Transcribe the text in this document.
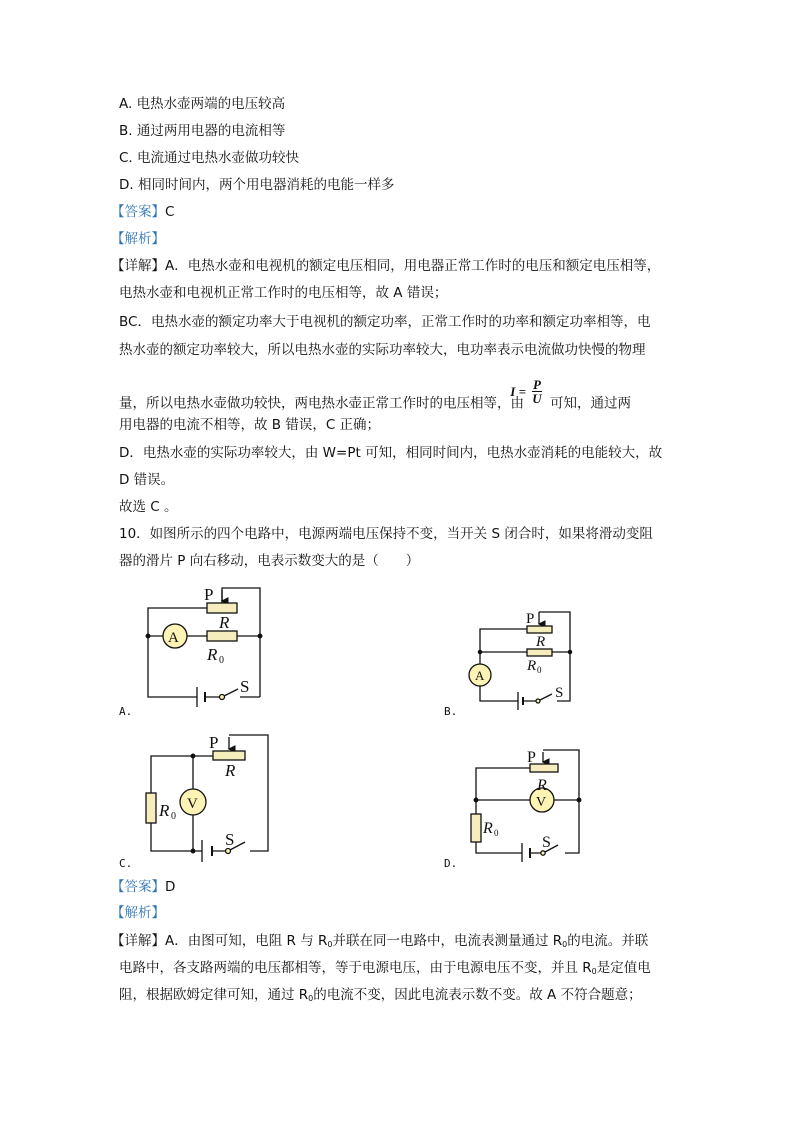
A. 电热水壶两端的电压较高
B. 通过两用电器的电流相等
C. 电流通过电热水壶做功较快
D. 相同时间内，两个用电器消耗的电能一样多
【答案】C
【解析】
【详解】A．电热水壶和电视机的额定电压相同，用电器正常工作时的电压和额定电压相等，
电热水壶和电视机正常工作时的电压相等，故 A 错误；
BC．电热水壶的额定功率大于电视机的额定功率，正常工作时的功率和额定功率相等，电
热水壶的额定功率较大，所以电热水壶的实际功率较大，电功率表示电流做功快慢的物理
量，所以电热水壶做功较快，两电热水壶正常工作时的电压相等，由
I = P
U 可知，通过两
用电器的电流不相等，故 B 错误，C 正确；
D．电热水壶的实际功率较大，由 W=Pt 可知，相同时间内，电热水壶消耗的电能较大，故
D 错误。
故选 C 。
10．如图所示的四个电路中，电源两端电压保持不变，当开关 S 闭合时，如果将滑动变阻
器的滑片 P 向右移动，电表示数变大的是（　　）
P
R
R 0
A
S
P
R
R 0
A
S
P
R
R 0
V
S
P
R
R 0
V
S
A.	B.
C.	D.
【答案】D
【解析】
【详解】A．由图可知，电阻 R 与 $R_0$并联在同一电路中，电流表测量通过 $R_0$的电流。并联
电路中，各支路两端的电压都相等，等于电源电压，由于电源电压不变，并且 $R_0$是定值电
阻，根据欧姆定律可知，通过 $R_0$的电流不变，因此电流表示数不变。故 A 不符合题意；
